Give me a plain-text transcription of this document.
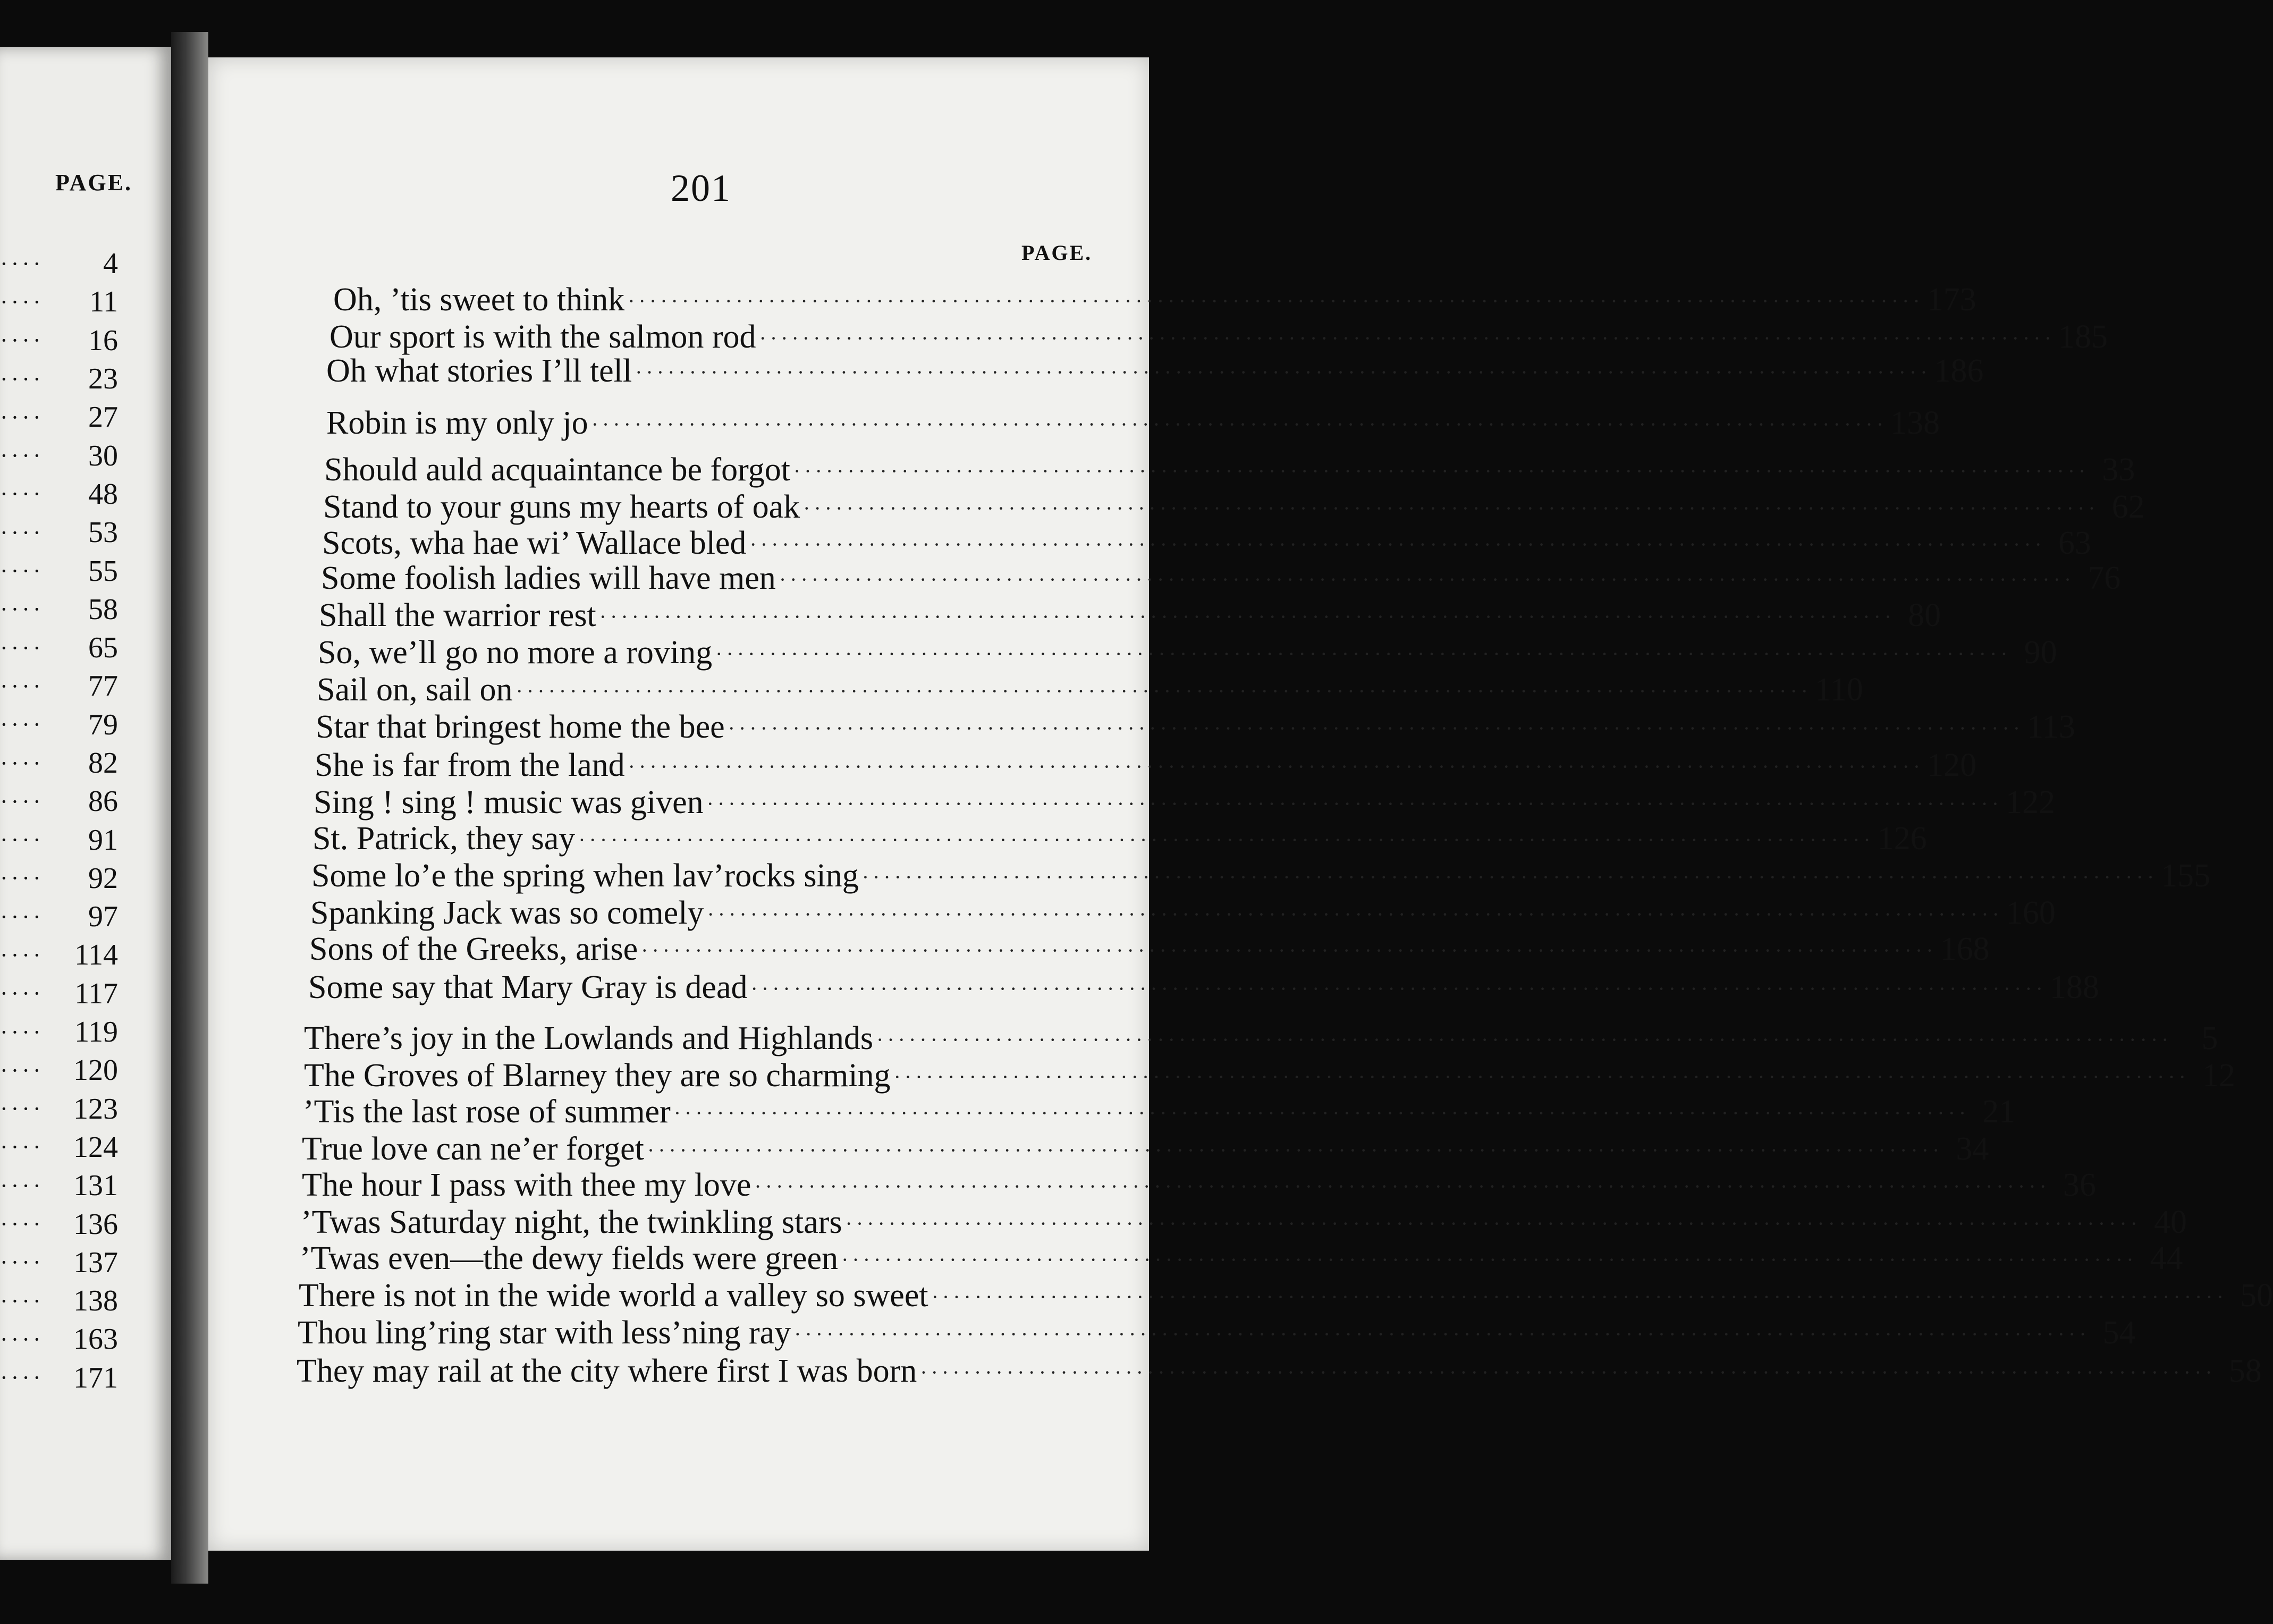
PAGE.
····	4
····	11
····	16
····	23
····	27
····	30
····	48
····	53
····	55
····	58
····	65
····	77
····	79
····	82
····	86
····	91
····	92
····	97
···· 114
···· 117
···· 119
···· 120
···· 123
···· 124
···· 131
···· 136
···· 137
···· 138
···· 163
···· 171
201
PAGE.
Oh, ’tis sweet to think ························································································································ 173
Our sport is with the salmon rod ························································································································ 185
Oh what stories I’ll tell ························································································································ 186
Robin is my only jo ························································································································ 138
Should auld acquaintance be forgot ························································································································ 33
Stand to your guns my hearts of oak ························································································································ 62
Scots, wha hae wi’ Wallace bled ························································································································ 63
Some foolish ladies will have men ························································································································ 76
Shall the warrior rest ························································································································ 80
So, we’ll go no more a roving ························································································································ 90
Sail on, sail on ························································································································ 110
Star that bringest home the bee ························································································································ 113
She is far from the land ························································································································ 120
Sing ! sing ! music was given ························································································································ 122
St. Patrick, they say ························································································································ 126
Some lo’e the spring when lav’rocks sing ························································································································ 155
Spanking Jack was so comely ························································································································ 160
Sons of the Greeks, arise ························································································································ 168
Some say that Mary Gray is dead ························································································································ 188
There’s joy in the Lowlands and Highlands ························································································································ 5
The Groves of Blarney they are so charming ························································································································ 12
’Tis the last rose of summer ························································································································ 21
True love can ne’er forget ························································································································ 34
The hour I pass with thee my love ························································································································ 36
’Twas Saturday night, the twinkling stars ························································································································ 40
’Twas even—the dewy fields were green ························································································································ 44
There is not in the wide world a valley so sweet ························································································································ 50
Thou ling’ring star with less’ning ray ························································································································ 54
They may rail at the city where first I was born ························································································································ 58
